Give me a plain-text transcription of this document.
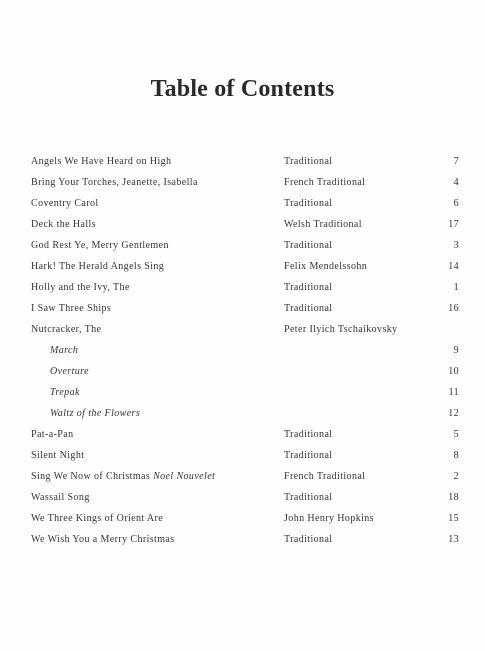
Table of Contents
Angels We Have Heard on High	Traditional	7
Bring Your Torches, Jeanette, Isabella	French Traditional	4
Coventry Carol	Traditional	6
Deck the Halls	Welsh Traditional	17
God Rest Ye, Merry Gentlemen	Traditional	3
Hark! The Herald Angels Sing	Felix Mendelssohn	14
Holly and the Ivy, The	Traditional	1
I Saw Three Ships	Traditional	16
Nutcracker, The	Peter Ilyich Tschaikovsky
March	9
Overture	10
Trepak	11
Waltz of the Flowers	12
Pat-a-Pan	Traditional	5
Silent Night	Traditional	8
Sing We Now of Christmas Noel Nouvelet	French Traditional	2
Wassail Song	Traditional	18
We Three Kings of Orient Are	John Henry Hopkins	15
We Wish You a Merry Christmas	Traditional	13
